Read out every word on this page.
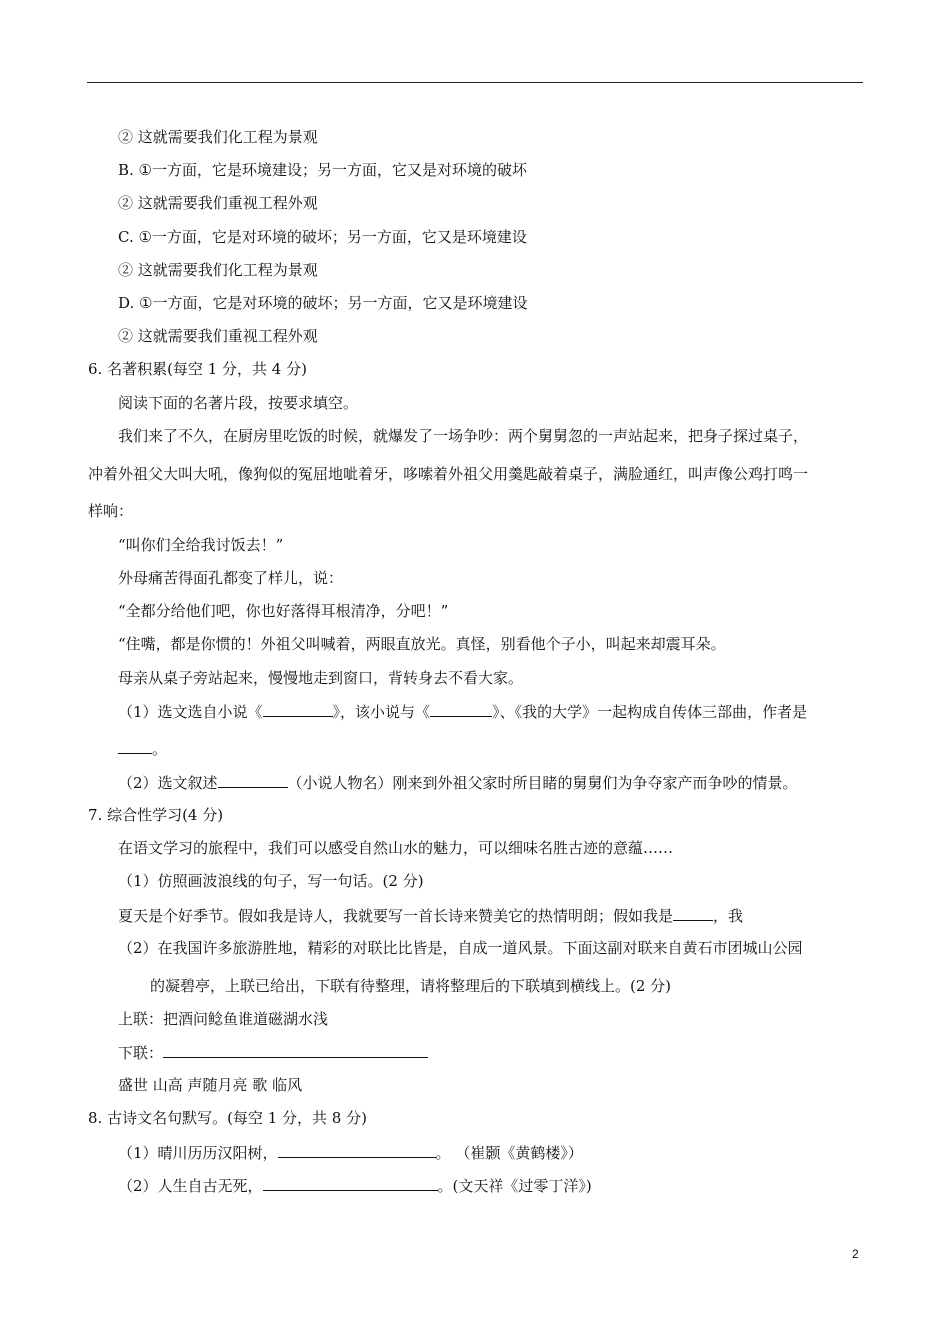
② 这就需要我们化工程为景观
B. ①一方面，它是环境建设；另一方面，它又是对环境的破坏
② 这就需要我们重视工程外观
C. ①一方面，它是对环境的破坏；另一方面，它又是环境建设
② 这就需要我们化工程为景观
D. ①一方面，它是对环境的破坏；另一方面，它又是环境建设
② 这就需要我们重视工程外观
6. 名著积累(每空 1 分，共 4 分)
阅读下面的名著片段，按要求填空。
我们来了不久，在厨房里吃饭的时候，就爆发了一场争吵：两个舅舅忽的一声站起来，把身子探过桌子，
冲着外祖父大叫大吼，像狗似的冤屈地呲着牙，哆嗦着外祖父用羹匙敲着桌子，满脸通红，叫声像公鸡打鸣一
样响：
“叫你们全给我讨饭去！”
外母痛苦得面孔都变了样儿，说：
“全都分给他们吧，你也好落得耳根清净，分吧！”
“住嘴，都是你惯的！外祖父叫喊着，两眼直放光。真怪，别看他个子小，叫起来却震耳朵。
母亲从桌子旁站起来，慢慢地走到窗口，背转身去不看大家。
（1）选文选自小说《	》，该小说与《	》、《我的大学》一起构成自传体三部曲，作者是
。
（2）选文叙述	（小说人物名）刚来到外祖父家时所目睹的舅舅们为争夺家产而争吵的情景。
7. 综合性学习(4 分)
在语文学习的旅程中，我们可以感受自然山水的魅力，可以细味名胜古迹的意蕴……
（1）仿照画波浪线的句子，写一句话。(2 分)
夏天是个好季节。假如我是诗人，我就要写一首长诗来赞美它的热情明朗；假如我是	，我
（2）在我国许多旅游胜地，精彩的对联比比皆是，自成一道风景。下面这副对联来自黄石市团城山公园
的凝碧亭，上联已给出，下联有待整理，请将整理后的下联填到横线上。(2 分)
上联：把酒问鲶鱼谁道磁湖水浅
下联：
盛世 山高 声随月亮 歌 临风
8. 古诗文名句默写。(每空 1 分，共 8 分)
（1）晴川历历汉阳树，	。 （崔颢《黄鹤楼》）
（2）人生自古无死，	。(文天祥《过零丁洋》)
2
